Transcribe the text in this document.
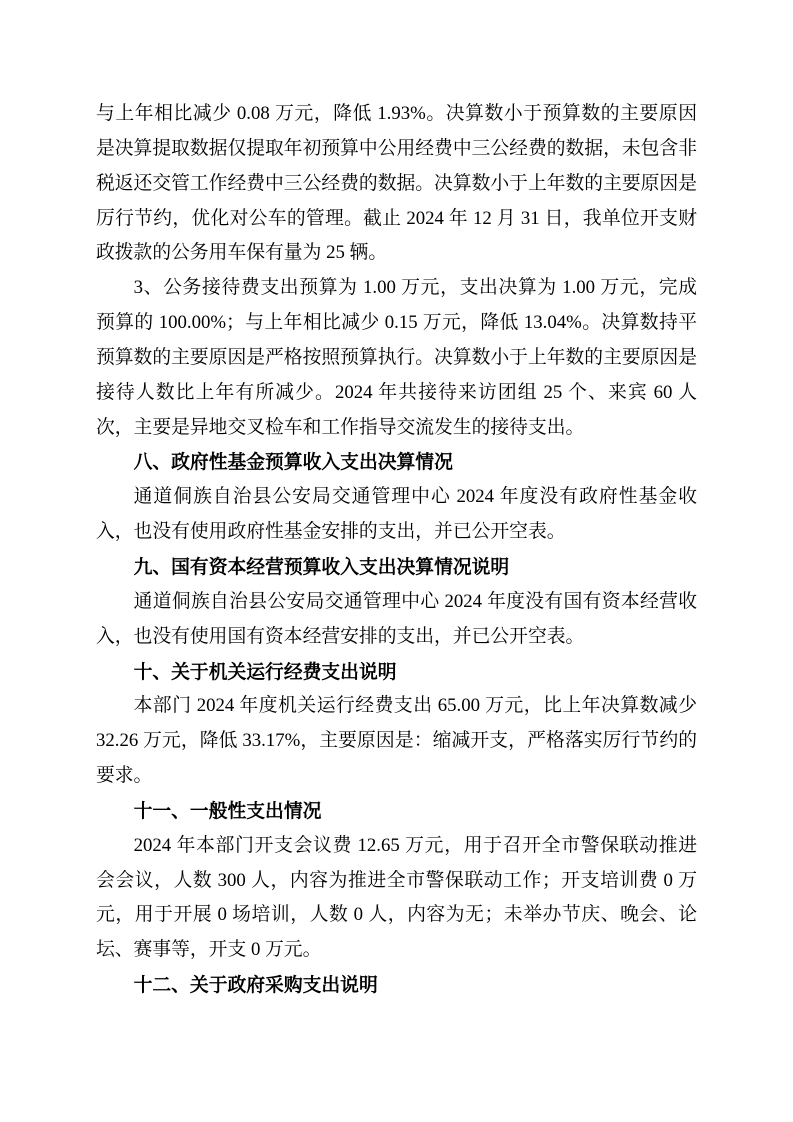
与上年相比减少 0.08 万元，降低 1.93%。决算数小于预算数的主要原因是决算提取数据仅提取年初预算中公用经费中三公经费的数据，未包含非税返还交管工作经费中三公经费的数据。决算数小于上年数的主要原因是厉行节约，优化对公车的管理。截止 2024 年 12 月 31 日，我单位开支财政拨款的公务用车保有量为 25 辆。

3、公务接待费支出预算为 1.00 万元，支出决算为 1.00 万元，完成预算的 100.00%；与上年相比减少 0.15 万元，降低 13.04%。决算数持平预算数的主要原因是严格按照预算执行。决算数小于上年数的主要原因是接待人数比上年有所减少。2024 年共接待来访团组 25 个、来宾 60 人次，主要是异地交叉检车和工作指导交流发生的接待支出。

八、政府性基金预算收入支出决算情况

通道侗族自治县公安局交通管理中心 2024 年度没有政府性基金收入，也没有使用政府性基金安排的支出，并已公开空表。

九、国有资本经营预算收入支出决算情况说明

通道侗族自治县公安局交通管理中心 2024 年度没有国有资本经营收入，也没有使用国有资本经营安排的支出，并已公开空表。

十、关于机关运行经费支出说明

本部门 2024 年度机关运行经费支出 65.00 万元，比上年决算数减少 32.26 万元，降低 33.17%，主要原因是：缩减开支，严格落实厉行节约的要求。

十一、一般性支出情况

2024 年本部门开支会议费 12.65 万元，用于召开全市警保联动推进会会议，人数 300 人，内容为推进全市警保联动工作；开支培训费 0 万元，用于开展 0 场培训，人数 0 人，内容为无；未举办节庆、晚会、论坛、赛事等，开支 0 万元。

十二、关于政府采购支出说明
